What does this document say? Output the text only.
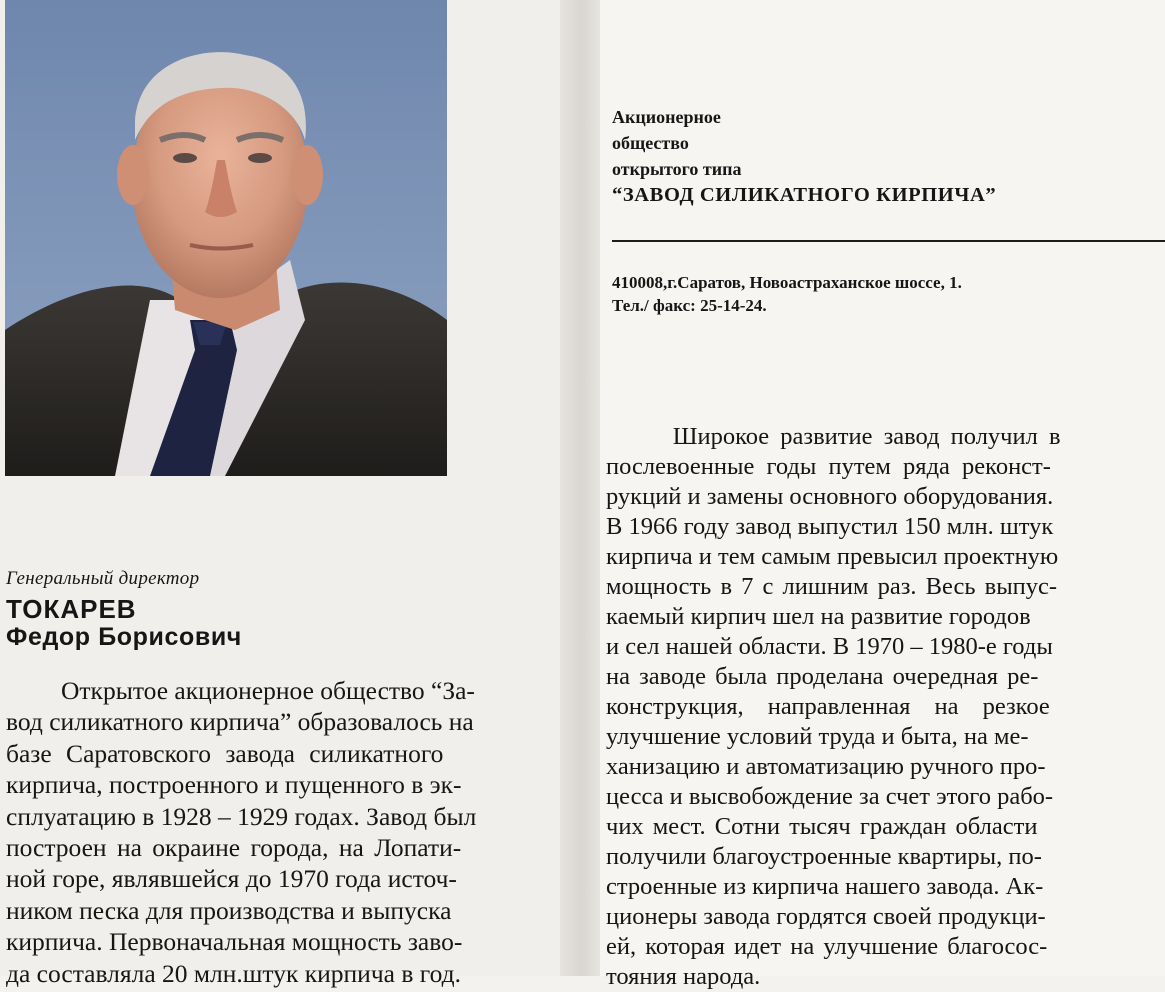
Генеральный директор
ТОКАРЕВ
Федор Борисович

Открытое акционерное общество “За-
вод силикатного кирпича” образовалось на
базе Саратовского завода силикатного
кирпича, построенного и пущенного в эк-
сплуатацию в 1928 – 1929 годах. Завод был
построен на окраине города, на Лопати-
ной горе, являвшейся до 1970 года источ-
ником песка для производства и выпуска
кирпича. Первоначальная мощность заво-
да составляла 20 млн.штук кирпича в год.

Акционерное
общество
открытого типа
“ЗАВОД СИЛИКАТНОГО КИРПИЧА”
410008,г.Саратов, Новоастраханское шоссе, 1.
Тел./ факс: 25-14-24.

Широкое развитие завод получил в
послевоенные годы путем ряда реконст-
рукций и замены основного оборудования.
В 1966 году завод выпустил 150 млн. штук
кирпича и тем самым превысил проектную
мощность в 7 с лишним раз. Весь выпус-
каемый кирпич шел на развитие городов
и сел нашей области. В 1970 – 1980-е годы
на заводе была проделана очередная ре-
конструкция, направленная на резкое
улучшение условий труда и быта, на ме-
ханизацию и автоматизацию ручного про-
цесса и высвобождение за счет этого рабо-
чих мест. Сотни тысяч граждан области
получили благоустроенные квартиры, по-
строенные из кирпича нашего завода. Ак-
ционеры завода гордятся своей продукци-
ей, которая идет на улучшение благосос-
тояния народа.
